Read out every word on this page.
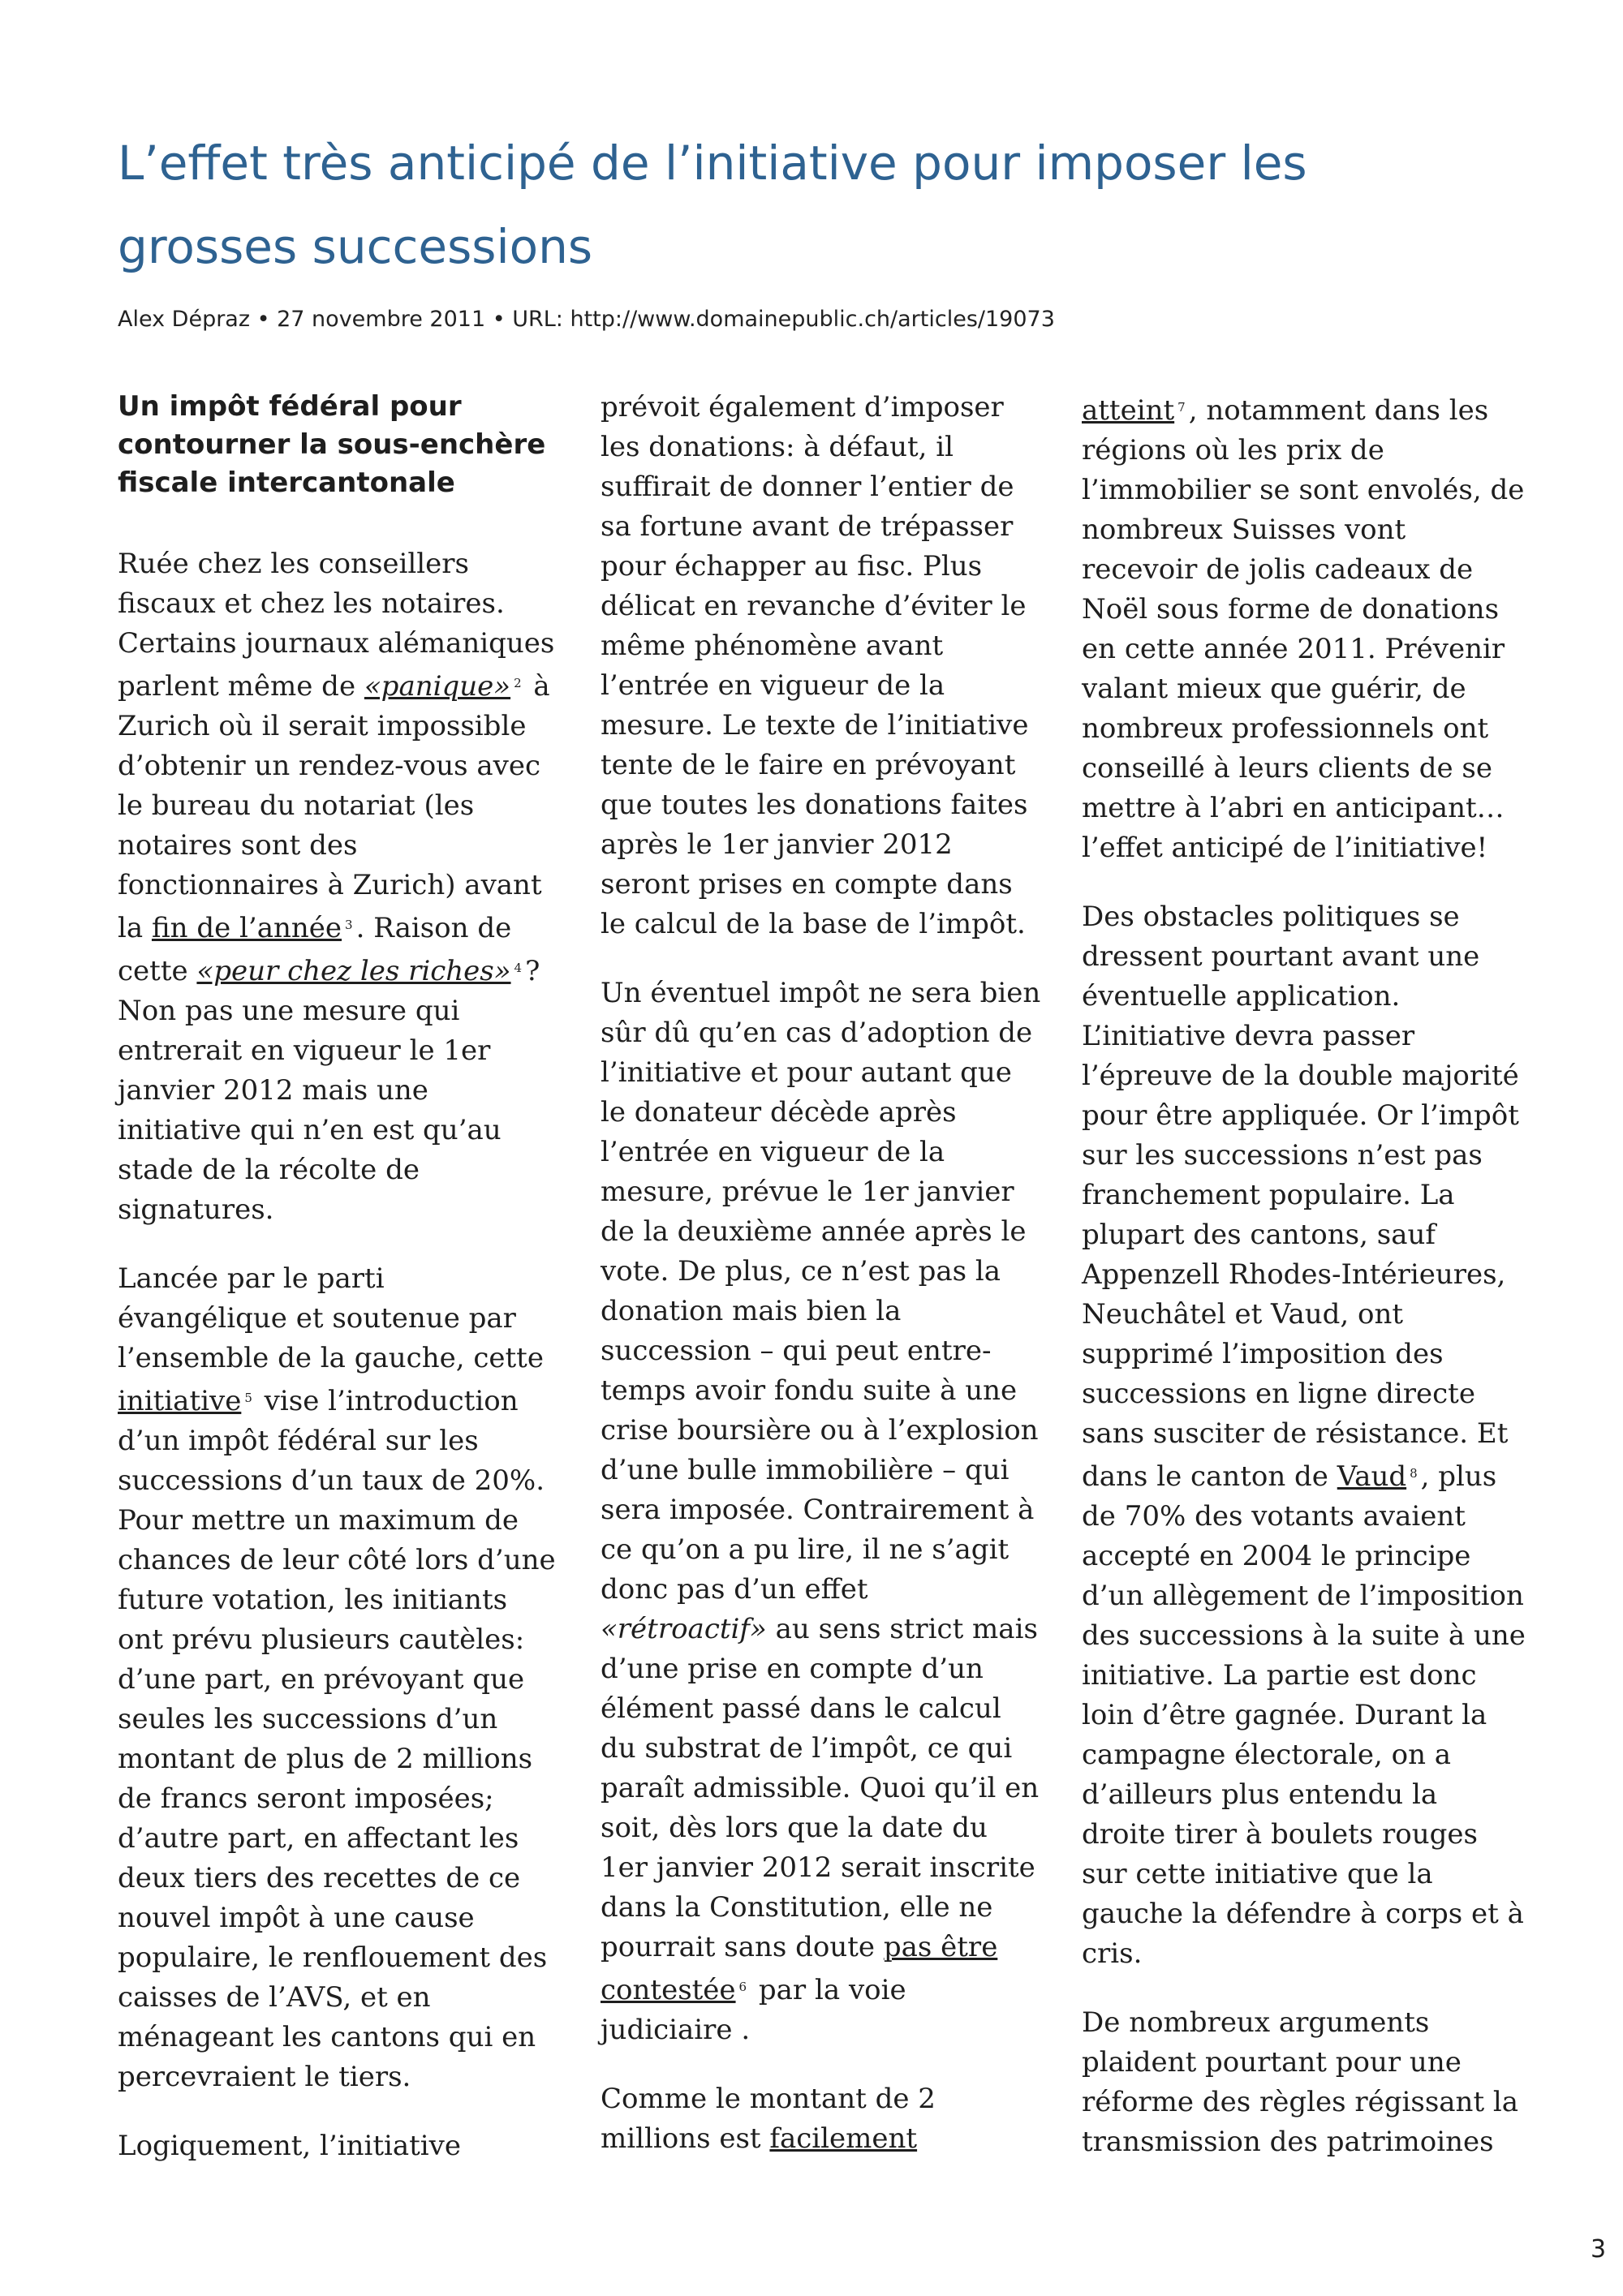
L’effet très anticipé de l’initiative pour imposer les grosses successions

Alex Dépraz • 27 novembre 2011 • URL: http://www.domainepublic.ch/articles/19073

Un impôt fédéral pour contourner la sous-enchère fiscale intercantonale

Ruée chez les conseillers fiscaux et chez les notaires. Certains journaux alémaniques parlent même de «panique» $^2$ à Zurich où il serait impossible d’obtenir un rendez-vous avec le bureau du notariat (les notaires sont des fonctionnaires à Zurich) avant la fin de l’année $^3$ . Raison de cette «peur chez les riches» $^4$ ? Non pas une mesure qui entrerait en vigueur le 1er janvier 2012 mais une initiative qui n’en est qu’au stade de la récolte de signatures.

Lancée par le parti évangélique et soutenue par l’ensemble de la gauche, cette initiative $^5$ vise l’introduction d’un impôt fédéral sur les successions d’un taux de 20%. Pour mettre un maximum de chances de leur côté lors d’une future votation, les initiants ont prévu plusieurs cautèles: d’une part, en prévoyant que seules les successions d’un montant de plus de 2 millions de francs seront imposées; d’autre part, en affectant les deux tiers des recettes de ce nouvel impôt à une cause populaire, le renflouement des caisses de l’AVS, et en ménageant les cantons qui en percevraient le tiers.

Logiquement, l’initiative

prévoit également d’imposer les donations: à défaut, il suffirait de donner l’entier de sa fortune avant de trépasser pour échapper au fisc. Plus délicat en revanche d’éviter le même phénomène avant l’entrée en vigueur de la mesure. Le texte de l’initiative tente de le faire en prévoyant que toutes les donations faites après le 1er janvier 2012 seront prises en compte dans le calcul de la base de l’impôt.

Un éventuel impôt ne sera bien sûr dû qu’en cas d’adoption de l’initiative et pour autant que le donateur décède après l’entrée en vigueur de la mesure, prévue le 1er janvier de la deuxième année après le vote. De plus, ce n’est pas la donation mais bien la succession – qui peut entre-temps avoir fondu suite à une crise boursière ou à l’explosion d’une bulle immobilière – qui sera imposée. Contrairement à ce qu’on a pu lire, il ne s’agit donc pas d’un effet «rétroactif» au sens strict mais d’une prise en compte d’un élément passé dans le calcul du substrat de l’impôt, ce qui paraît admissible. Quoi qu’il en soit, dès lors que la date du 1er janvier 2012 serait inscrite dans la Constitution, elle ne pourrait sans doute pas être contestée $^6$ par la voie judiciaire .

Comme le montant de 2 millions est facilement

atteint $^7$ , notamment dans les régions où les prix de l’immobilier se sont envolés, de nombreux Suisses vont recevoir de jolis cadeaux de Noël sous forme de donations en cette année 2011. Prévenir valant mieux que guérir, de nombreux professionnels ont conseillé à leurs clients de se mettre à l’abri en anticipant… l’effet anticipé de l’initiative!

Des obstacles politiques se dressent pourtant avant une éventuelle application. L’initiative devra passer l’épreuve de la double majorité pour être appliquée. Or l’impôt sur les successions n’est pas franchement populaire. La plupart des cantons, sauf Appenzell Rhodes-Intérieures, Neuchâtel et Vaud, ont supprimé l’imposition des successions en ligne directe sans susciter de résistance. Et dans le canton de Vaud $^8$ , plus de 70% des votants avaient accepté en 2004 le principe d’un allègement de l’imposition des successions à la suite à une initiative. La partie est donc loin d’être gagnée. Durant la campagne électorale, on a d’ailleurs plus entendu la droite tirer à boulets rouges sur cette initiative que la gauche la défendre à corps et à cris.

De nombreux arguments plaident pourtant pour une réforme des règles régissant la transmission des patrimoines

3
